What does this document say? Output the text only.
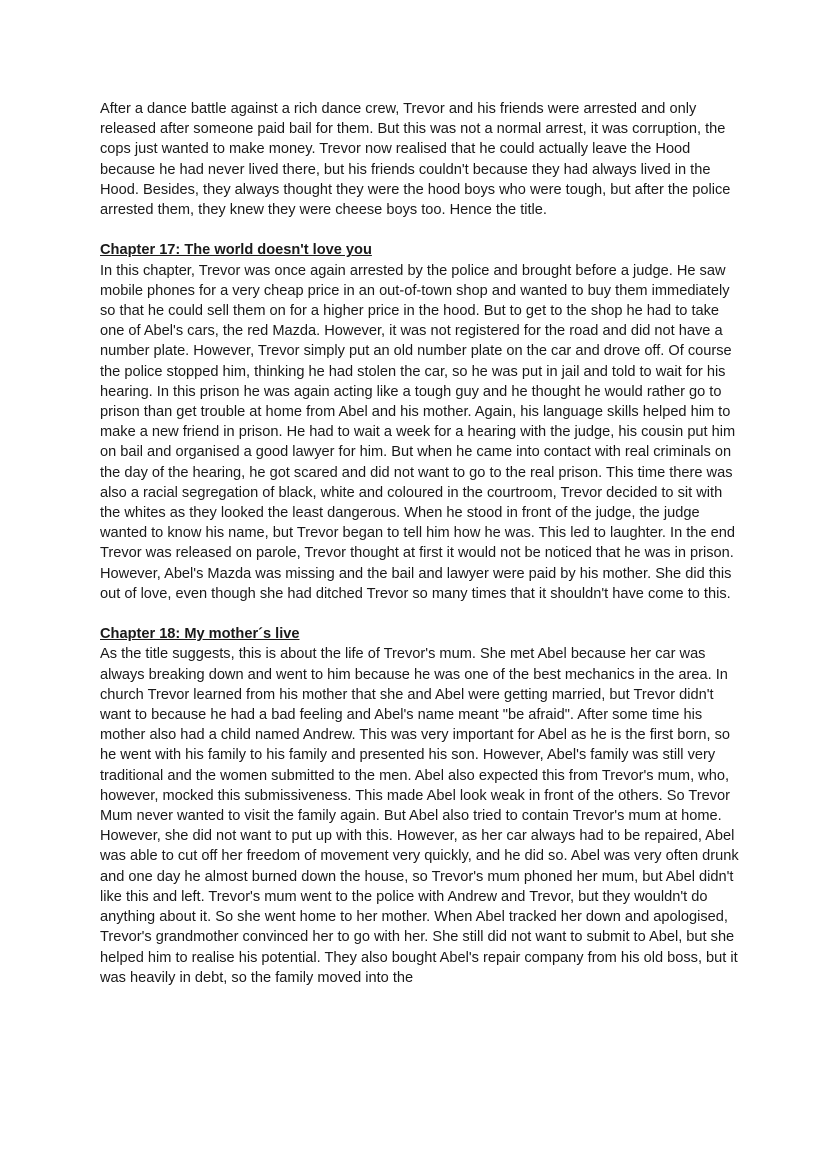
After a dance battle against a rich dance crew, Trevor and his friends were arrested and only released after someone paid bail for them. But this was not a normal arrest, it was corruption, the cops just wanted to make money. Trevor now realised that he could actually leave the Hood because he had never lived there, but his friends couldn't because they had always lived in the Hood. Besides, they always thought they were the hood boys who were tough, but after the police arrested them, they knew they were cheese boys too. Hence the title.

Chapter 17: The world doesn't love you

In this chapter, Trevor was once again arrested by the police and brought before a judge. He saw mobile phones for a very cheap price in an out-of-town shop and wanted to buy them immediately so that he could sell them on for a higher price in the hood. But to get to the shop he had to take one of Abel's cars, the red Mazda. However, it was not registered for the road and did not have a number plate. However, Trevor simply put an old number plate on the car and drove off. Of course the police stopped him, thinking he had stolen the car, so he was put in jail and told to wait for his hearing. In this prison he was again acting like a tough guy and he thought he would rather go to prison than get trouble at home from Abel and his mother. Again, his language skills helped him to make a new friend in prison. He had to wait a week for a hearing with the judge, his cousin put him on bail and organised a good lawyer for him. But when he came into contact with real criminals on the day of the hearing, he got scared and did not want to go to the real prison. This time there was also a racial segregation of black, white and coloured in the courtroom, Trevor decided to sit with the whites as they looked the least dangerous. When he stood in front of the judge, the judge wanted to know his name, but Trevor began to tell him how he was. This led to laughter. In the end Trevor was released on parole, Trevor thought at first it would not be noticed that he was in prison. However, Abel's Mazda was missing and the bail and lawyer were paid by his mother. She did this out of love, even though she had ditched Trevor so many times that it shouldn't have come to this.

Chapter 18: My mother´s live

As the title suggests, this is about the life of Trevor's mum. She met Abel because her car was always breaking down and went to him because he was one of the best mechanics in the area. In church Trevor learned from his mother that she and Abel were getting married, but Trevor didn't want to because he had a bad feeling and Abel's name meant "be afraid". After some time his mother also had a child named Andrew. This was very important for Abel as he is the first born, so he went with his family to his family and presented his son. However, Abel's family was still very traditional and the women submitted to the men. Abel also expected this from Trevor's mum, who, however, mocked this submissiveness. This made Abel look weak in front of the others. So Trevor Mum never wanted to visit the family again. But Abel also tried to contain Trevor's mum at home. However, she did not want to put up with this. However, as her car always had to be repaired, Abel was able to cut off her freedom of movement very quickly, and he did so. Abel was very often drunk and one day he almost burned down the house, so Trevor's mum phoned her mum, but Abel didn't like this and left. Trevor's mum went to the police with Andrew and Trevor, but they wouldn't do anything about it. So she went home to her mother. When Abel tracked her down and apologised, Trevor's grandmother convinced her to go with her. She still did not want to submit to Abel, but she helped him to realise his potential. They also bought Abel's repair company from his old boss, but it was heavily in debt, so the family moved into the
